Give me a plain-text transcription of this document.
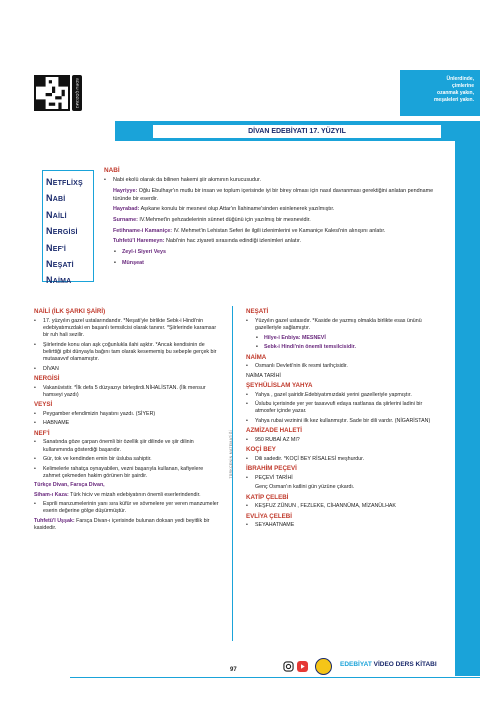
SORU ÇÖZÜMÜ	Ünlerdinde,
çimlerine
ozanmak yakın,
meşaleleri yakın.
DİVAN EDEBİYATI 17. YÜZYIL
NETFLİXŞ
NABİ
NAİLİ
NERGİSİ
NEF'İ
NEŞATİ
NAİMA
NABİ

• Nabi ekolü olarak da bilinen hakemi şiir akımının kurucusudur.

Hayriyye: Oğlu Ebulhayr'ın mutlu bir insan ve toplum içerisinde iyi bir birey olması için nasıl davranması gerektiğini anlatan pendname türünde bir eserdir.

Hayrabad: Aşıkane konulu bir mesnevi olup Attar'ın İlahiname'sinden esinlenerek yazılmıştır.

Surname: IV.Mehmet'in şehzadelerinin sünnet düğünü için yazılmış bir mesnevidir.

Fetihname-i Kamaniçe: IV. Mehmet'in Lehistan Seferi ile ilgili izlenimlerini ve Kamaniçe Kalesi'nin alınışını anlatır.

Tuhfetü'l Haremeyn: Nabi'nin hac ziyareti sırasında edindiği izlenimleri anlatır.

• Zeyl-i Siyeri Veys

• Münşeat

NAİLİ (İLK ŞARKI ŞAİRİ)

• 17. yüzyılın gazel ustalarındandır. *Neşati'yle birlikte Sebk-i Hindi'nin edebiyatımızdaki en başarılı temsilcisi olarak tanınır. *Şiirlerinde karamsar bir ruh hali sezilir.

• Şiirlerinde konu olan aşk çoğunlukla ilahi aşktır. *Ancak kendisinin de belirttiği gibi dünyayla bağını tam olarak kesememiş bu sebeple gerçek bir mutasavvıf olamamıştır.

• DİVAN

NERGİSİ

• Vakanüvistir. *İlk defa 5 düzyazıyı birleştirdi.NİHALİSTAN. (İlk mensur hamseyi yazdı)

VEYSİ

• Peygamber efendimizin hayatını yazdı. (SİYER)

• HABNAME

NEF'İ

• Sanatında göze çarpan önemli bir özellik şiir dilinde ve şiir dilinin kullanımında gösterdiği başarıdır.

• Gür, tok ve kendinden emin bir üsluba sahiptir.

• Kelimelerle rahatça oynayabilen, vezni başarıyla kullanan, kafiyelere zahmet çekmeden hakim görünen bir şairdir.

Türkçe Divan, Farsça Divan,

Siham-ı Kaza: Türk hiciv ve mizah edebiyatının önemli eserlerindendir.

• Esprili manzumelerinin yanı sıra küfür ve sövmelere yer veren manzumeler eserin değerine gölge düşürmüştür.

Tuhfetü'l Uşşak: Farsça Divan-ı içerisinde bulunan doksan yedi beyitlik bir kasidedir.

TÜRKÇENİN MATEMATİĞİ
NEŞATİ

• Yüzyılın gazel ustasıdır. *Kaside de yazmış olmakla birlikte esas ününü gazelleriyle sağlamıştır.

• Hilye-i Enbiya: MESNEVİ

• Sebk-i Hindi'nin önemli temsilcisidir.

NAİMA

• Osmanlı Devleti'nin ilk resmi tarihçisidir.

NAİMA TARİHİ

ŞEYHÜLİSLAM YAHYA

• Yahya , gazel şairidir.Edebiyatımızdaki yerini gazelleriyle yapmıştır.

• Üslubu içerisinde yer yer tasavvufi edaya rastlansa da şiirlerini ladini bir atmosfer içinde yazar.

• Yahya rubai vezinini ilk kez kullanmıştır. Sade bir dili vardır. (NİGARİSTAN)

AZMİZADE HALETİ

• 950 RUBAİ AZ MI?

KOÇİ BEY

• Dili sadedir. *KOÇİ BEY RİSALESİ meşhurdur.

İBRAHİM PEÇEVİ

• PEÇEVİ TARİHİ

Genç Osman'ın katlini gün yüzüne çıkardı.

KATİP ÇELEBİ

• KEŞFUZ ZÜNUN , FEZLEKE, CİHANNÜMA, MİZANÜLHAK

EVLİYA ÇELEBİ

• SEYAHATNAME

97
EDEBİYAT VİDEO DERS KİTABI
